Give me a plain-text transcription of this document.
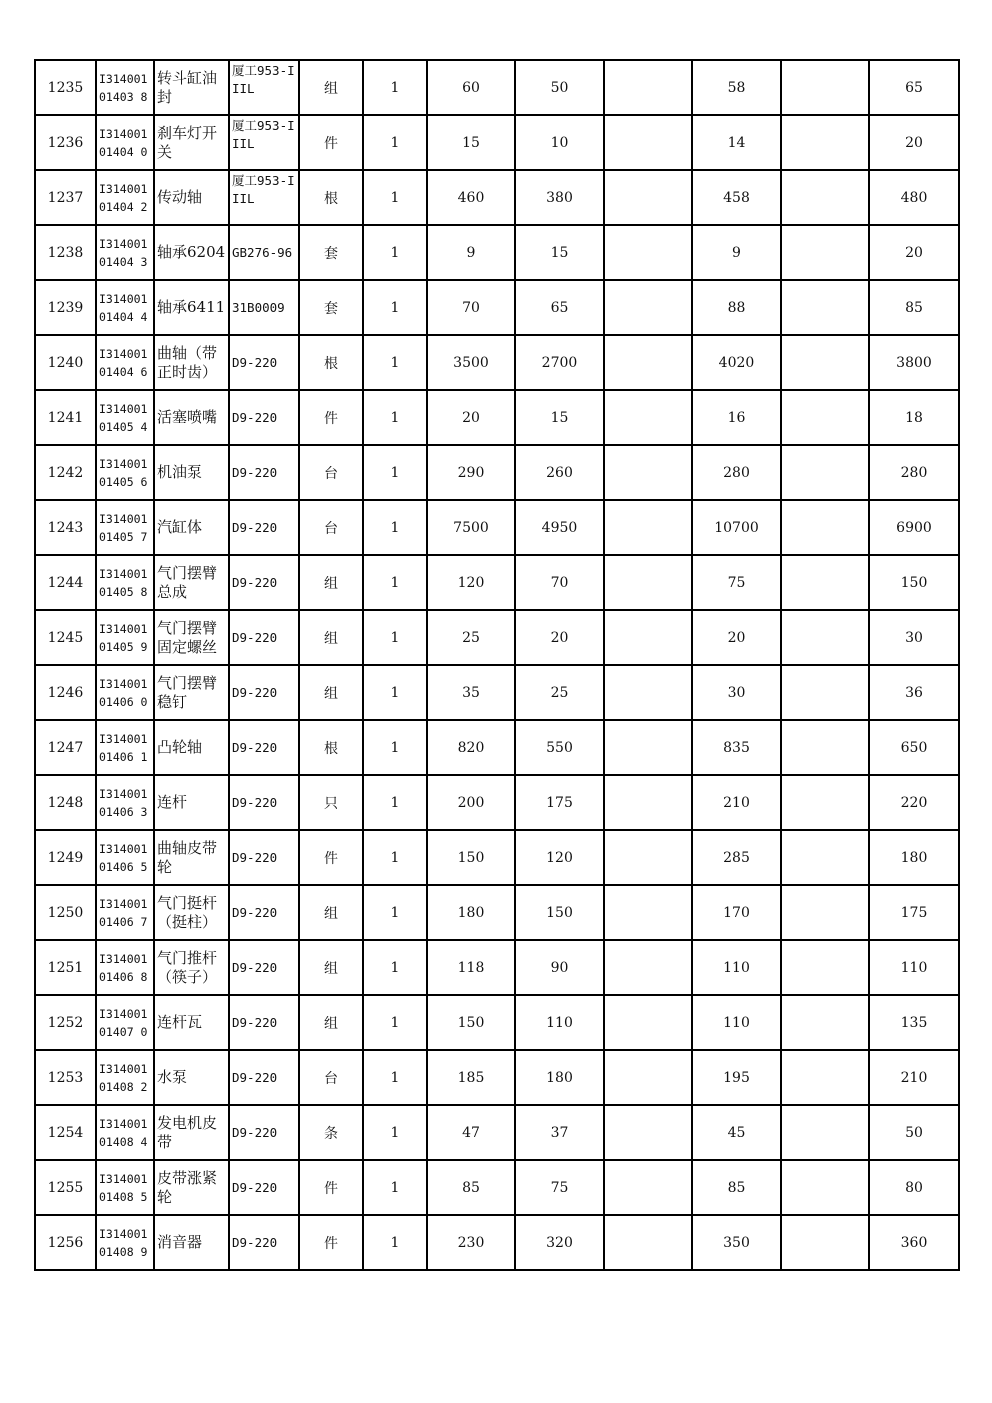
1235	I31400101403 8	转斗缸油封	厦工953-IIIL	组	1	60	50		58		65
1236	I31400101404 0	刹车灯开关	厦工953-IIIL	件	1	15	10		14		20
1237	I31400101404 2	传动轴	厦工953-IIIL	根	1	460	380		458		480
1238	I31400101404 3	轴承6204	GB276-96	套	1	9	15		9		20
1239	I31400101404 4	轴承6411	31B0009	套	1	70	65		88		85
1240	I31400101404 6	曲轴（带正时齿）	D9-220	根	1	3500	2700		4020		3800
1241	I31400101405 4	活塞喷嘴	D9-220	件	1	20	15		16		18
1242	I31400101405 6	机油泵	D9-220	台	1	290	260		280		280
1243	I31400101405 7	汽缸体	D9-220	台	1	7500	4950		10700		6900
1244	I31400101405 8	气门摆臂总成	D9-220	组	1	120	70		75		150
1245	I31400101405 9	气门摆臂固定螺丝	D9-220	组	1	25	20		20		30
1246	I31400101406 0	气门摆臂稳钉	D9-220	组	1	35	25		30		36
1247	I31400101406 1	凸轮轴	D9-220	根	1	820	550		835		650
1248	I31400101406 3	连杆	D9-220	只	1	200	175		210		220
1249	I31400101406 5	曲轴皮带轮	D9-220	件	1	150	120		285		180
1250	I31400101406 7	气门挺杆（挺柱）	D9-220	组	1	180	150		170		175
1251	I31400101406 8	气门推杆（筷子）	D9-220	组	1	118	90		110		110
1252	I31400101407 0	连杆瓦	D9-220	组	1	150	110		110		135
1253	I31400101408 2	水泵	D9-220	台	1	185	180		195		210
1254	I31400101408 4	发电机皮带	D9-220	条	1	47	37		45		50
1255	I31400101408 5	皮带涨紧轮	D9-220	件	1	85	75		85		80
1256	I31400101408 9	消音器	D9-220	件	1	230	320		350		360
